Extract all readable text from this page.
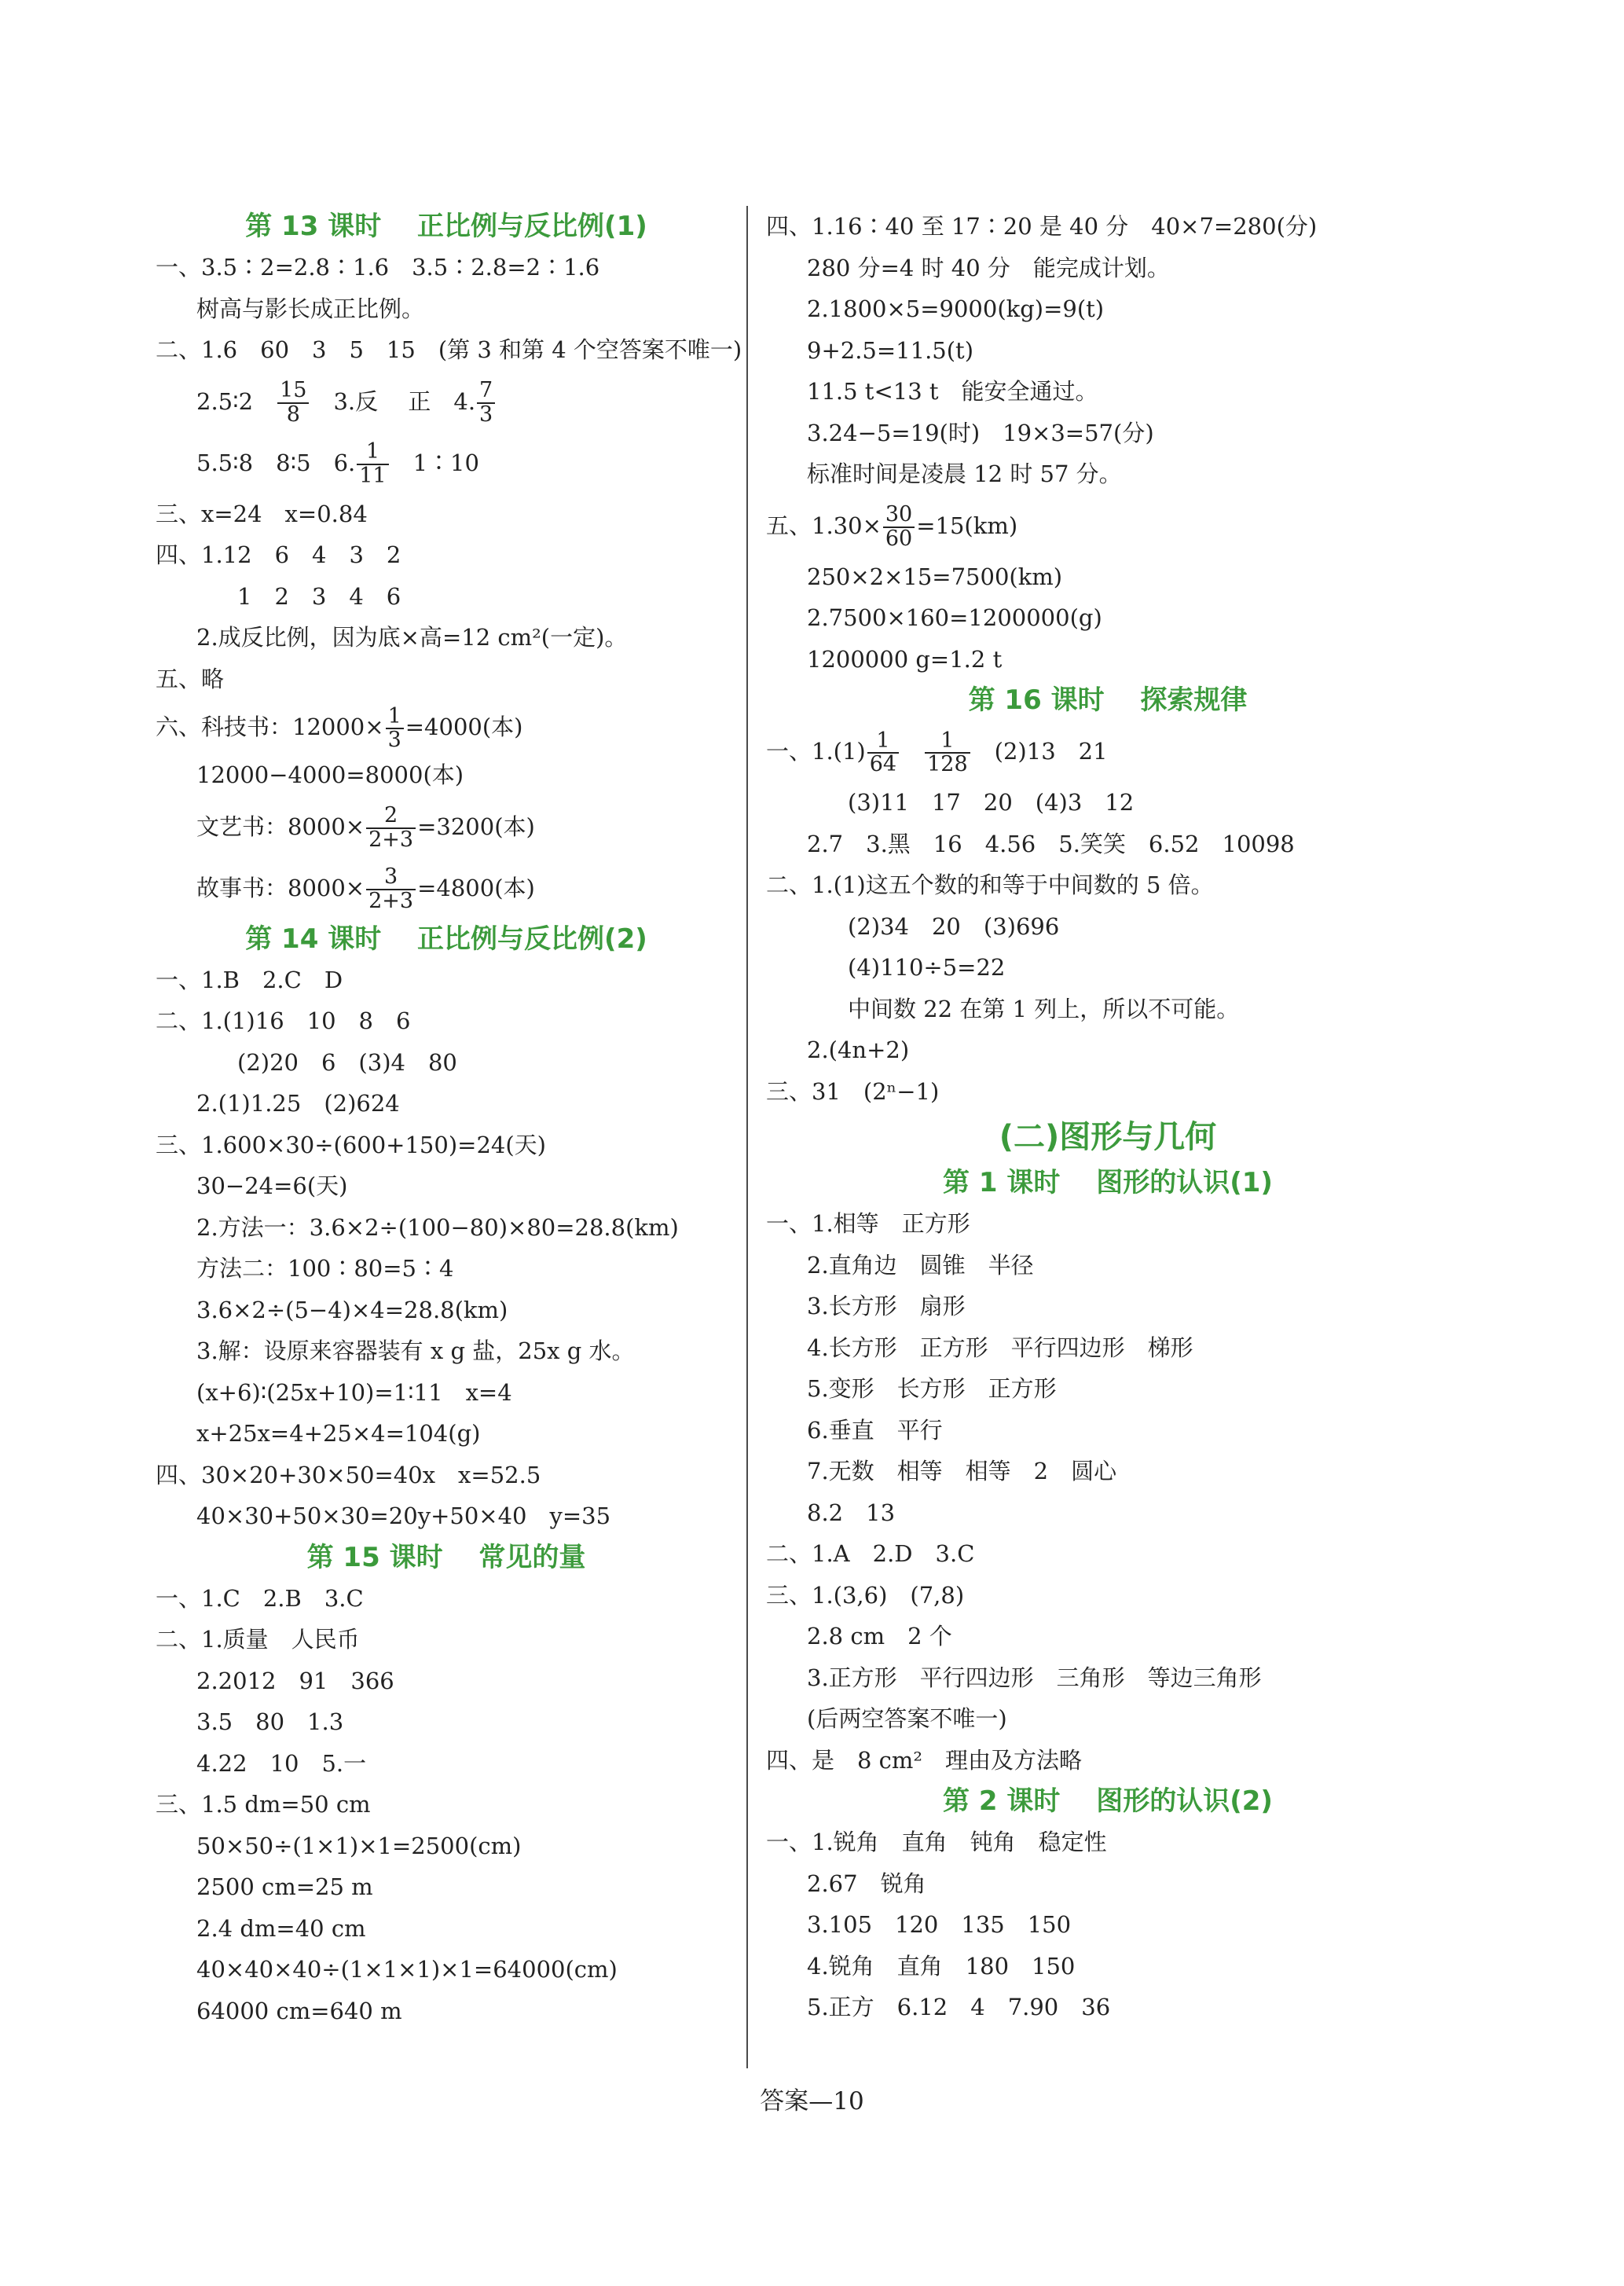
第 13 课时　 正比例与反比例(1)
一、3.5∶2=2.8∶1.6　3.5∶2.8=2∶1.6
树高与影长成正比例。
二、1.6　60　3　5　15　(第 3 和第 4 个空答案不唯一)
2.5∶2　 $\frac{15}{8}$ 　3.反　 正　4. $\frac{7}{3}$
5.5∶8　8∶5　6. $\frac{1}{11}$ 　1∶10
三、x=24　x=0.84
四、1.12　6　4　3　2
1　2　3　4　6
2.成反比例，因为底×高=12 cm²(一定)。
五、略
六、科技书：$12000\times \frac{1}{3} =4000$(本)
12000−4000=8000(本)
文艺书：$8000\times \frac{2}{2+3} =3200$(本)
故事书：$8000\times \frac{3}{2+3} =4800$(本)
第 14 课时　 正比例与反比例(2)
一、1.B　2.C　D
二、1.(1)16　10　8　6
(2)20　6　(3)4　80
2.(1)1.25　(2)624
三、1.600×30÷(600+150)=24(天)
30−24=6(天)
2.方法一：3.6×2÷(100−80)×80=28.8(km)
方法二：100∶80=5∶4
3.6×2÷(5−4)×4=28.8(km)
3.解：设原来容器装有 x g 盐，25x g 水。
(x+6)∶(25x+10)=1∶11　x=4
x+25x=4+25×4=104(g)
四、30×20+30×50=40x　x=52.5
40×30+50×30=20y+50×40　y=35
第 15 课时　 常见的量
一、1.C　2.B　3.C
二、1.质量　人民币
2.2012　91　366
3.5　80　1.3
4.22　10　5.一
三、1.5 dm=50 cm
50×50÷(1×1)×1=2500(cm)
2500 cm=25 m
2.4 dm=40 cm
40×40×40÷(1×1×1)×1=64000(cm)
64000 cm=640 m
四、1.16∶40 至 17∶20 是 40 分　40×7=280(分)
280 分=4 时 40 分　能完成计划。
2.1800×5=9000(kg)=9(t)
9+2.5=11.5(t)
11.5 t<13 t　能安全通过。
3.24−5=19(时)　19×3=57(分)
标准时间是凌晨 12 时 57 分。
五、$1.30\times \frac{30}{60} =15(km)$
250×2×15=7500(km)
2.7500×160=1200000(g)
1200000 g=1.2 t
第 16 课时　 探索规律
一、$1.(1) \frac{1}{64}$
　 $\frac{1}{128}$ 　(2)13　21
(3)11　17　20　(4)3　12
2.7　3.黑　16　4.56　5.笑笑　6.52　10098
二、1.(1)这五个数的和等于中间数的 5 倍。
(2)34　20　(3)696
(4)110÷5=22
中间数 22 在第 1 列上，所以不可能。
2.(4n+2)
三、31　(2ⁿ−1)
(二)图形与几何
第 1 课时　 图形的认识(1)
一、1.相等　正方形
2.直角边　圆锥　半径
3.长方形　扇形
4.长方形　正方形　平行四边形　梯形
5.变形　长方形　正方形
6.垂直　平行
7.无数　相等　相等　2　圆心
8.2　13
二、1.A　2.D　3.C
三、1.(3,6)　(7,8)
2.8 cm　2 个
3.正方形　平行四边形　三角形　等边三角形
(后两空答案不唯一)
四、是　8 cm²　理由及方法略
第 2 课时　 图形的认识(2)
一、1.锐角　直角　钝角　稳定性
2.67　锐角
3.105　120　135　150
4.锐角　直角　180　150
5.正方　6.12　4　7.90　36
答案—10
